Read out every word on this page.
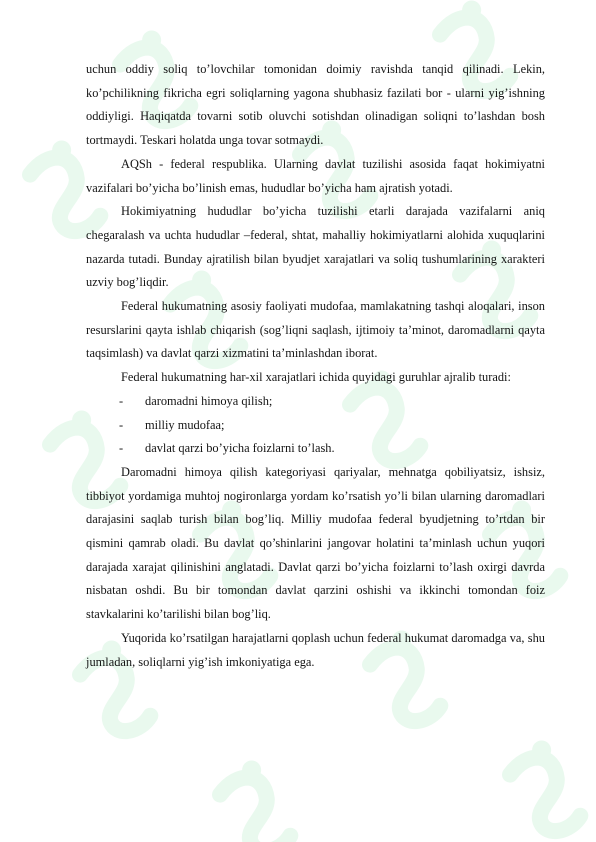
uchun oddiy soliq to’lovchilar tomonidan doimiy ravishda tanqid qilinadi. Lekin, ko’pchilikning fikricha egri soliqlarning yagona shubhasiz fazilati bor - ularni yig’ishning oddiyligi. Haqiqatda tovarni sotib oluvchi sotishdan olinadigan soliqni to’lashdan bosh tortmaydi. Teskari holatda unga tovar sotmaydi.

AQSh - federal respublika. Ularning davlat tuzilishi asosida faqat hokimiyatni vazifalari bo’yicha bo’linish emas, hududlar bo’yicha ham ajratish yotadi.

Hokimiyatning hududlar bo’yicha tuzilishi etarli darajada vazifalarni aniq chegaralash va uchta hududlar –federal, shtat, mahalliy hokimiyatlarni alohida xuquqlarini nazarda tutadi. Bunday ajratilish bilan byudjet xarajatlari va soliq tushumlarining xarakteri uzviy bog’liqdir.

Federal hukumatning asosiy faoliyati mudofaa, mamlakatning tashqi aloqalari, inson resurslarini qayta ishlab chiqarish (sog’liqni saqlash, ijtimoiy ta’minot, daromadlarni qayta taqsimlash) va davlat qarzi xizmatini ta’minlashdan iborat.

Federal hukumatning har-xil xarajatlari ichida quyidagi guruhlar ajralib turadi:

- daromadni himoya qilish;
- milliy mudofaa;
- davlat qarzi bo’yicha foizlarni to’lash.

Daromadni himoya qilish kategoriyasi qariyalar, mehnatga qobiliyatsiz, ishsiz, tibbiyot yordamiga muhtoj nogironlarga yordam ko’rsatish yo’li bilan ularning daromadlari darajasini saqlab turish bilan bog’liq. Milliy mudofaa federal byudjetning to’rtdan bir qismini qamrab oladi. Bu davlat qo’shinlarini jangovar holatini ta’minlash uchun yuqori darajada xarajat qilinishini anglatadi. Davlat qarzi bo’yicha foizlarni to’lash oxirgi davrda nisbatan oshdi. Bu bir tomondan davlat qarzini oshishi va ikkinchi tomondan foiz stavkalarini ko’tarilishi bilan bog’liq.

Yuqorida ko’rsatilgan harajatlarni qoplash uchun federal hukumat daromadga va, shu jumladan, soliqlarni yig’ish imkoniyatiga ega.
